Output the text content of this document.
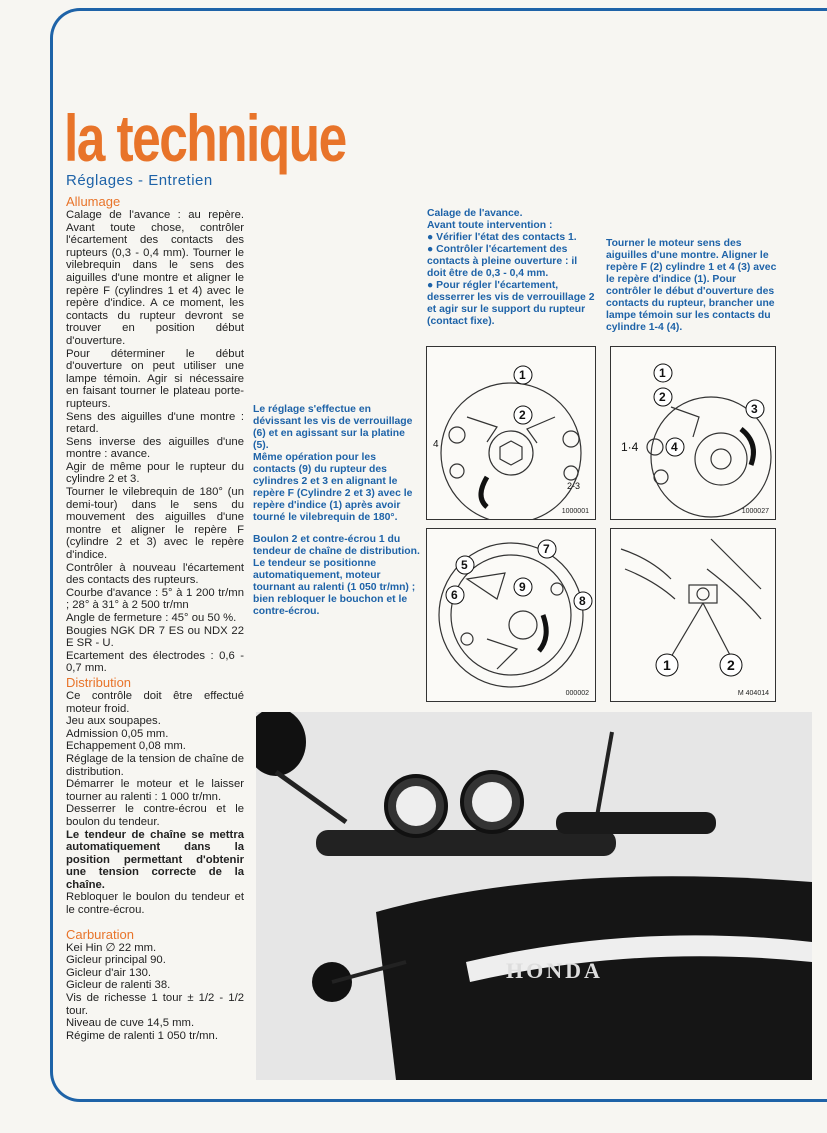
la technique
Réglages - Entretien
Allumage

Calage de l'avance : au repère. Avant toute chose, contrôler l'écartement des contacts des rupteurs (0,3 - 0,4 mm). Tourner le vilebrequin dans le sens des aiguilles d'une montre et aligner le repère F (cylindres 1 et 4) avec le repère d'indice. A ce moment, les contacts du rupteur devront se trouver en position début d'ouverture.

Pour déterminer le début d'ouverture on peut utiliser une lampe témoin. Agir si nécessaire en faisant tourner le plateau porte-rupteurs.

Sens des aiguilles d'une montre : retard.

Sens inverse des aiguilles d'une montre : avance.

Agir de même pour le rupteur du cylindre 2 et 3.

Tourner le vilebrequin de 180° (un demi-tour) dans le sens du mouvement des aiguilles d'une montre et aligner le repère F (cylindre 2 et 3) avec le repère d'indice.

Contrôler à nouveau l'écartement des contacts des rupteurs.

Courbe d'avance : 5° à 1 200 tr/mn ; 28° à 31° à 2 500 tr/mn

Angle de fermeture : 45° ou 50 %.

Bougies NGK DR 7 ES ou NDX 22 E SR - U.

Ecartement des électrodes : 0,6 - 0,7 mm.

Distribution

Ce contrôle doit être effectué moteur froid.

Jeu aux soupapes.

Admission 0,05 mm.

Echappement 0,08 mm.

Réglage de la tension de chaîne de distribution.

Démarrer le moteur et le laisser tourner au ralenti : 1 000 tr/mn.

Desserrer le contre-écrou et le boulon du tendeur.

Le tendeur de chaîne se mettra automatiquement dans la position permettant d'obtenir une tension correcte de la chaîne.

Rebloquer le boulon du tendeur et le contre-écrou.

Carburation

Kei Hin ∅ 22 mm.

Gicleur principal 90.

Gicleur d'air 130.

Gicleur de ralenti 38.

Vis de richesse 1 tour ± 1/2 - 1/2 tour.

Niveau de cuve 14,5 mm.

Régime de ralenti 1 050 tr/mn.

Calage de l'avance.

Avant toute intervention :

● Vérifier l'état des contacts 1.

● Contrôler l'écartement des contacts à pleine ouverture : il doit être de 0,3 - 0,4 mm.

● Pour régler l'écartement, desserrer les vis de verrouillage 2 et agir sur le support du rupteur (contact fixe).

Tourner le moteur sens des aiguilles d'une montre. Aligner le repère F (2) cylindre 1 et 4 (3) avec le repère d'indice (1). Pour contrôler le début d'ouverture des contacts du rupteur, brancher une lampe témoin sur les contacts du cylindre 1-4 (4).

Le réglage s'effectue en dévissant les vis de verrouillage (6) et en agissant sur la platine (5).

Même opération pour les contacts (9) du rupteur des cylindres 2 et 3 en alignant le repère F (Cylindre 2 et 3) avec le repère d'indice (1) après avoir tourné le vilebrequin de 180°.

Boulon 2 et contre-écrou 1 du tendeur de chaîne de distribution. Le tendeur se positionne automatiquement, moteur tournant au ralenti (1 050 tr/mn) ; bien rebloquer le bouchon et le contre-écrou.

1
2
4
2-3
1000001
1
2
3
4
1·4
1000027
5
6
7
8
9
000002
1	2
M 404014
HONDA
